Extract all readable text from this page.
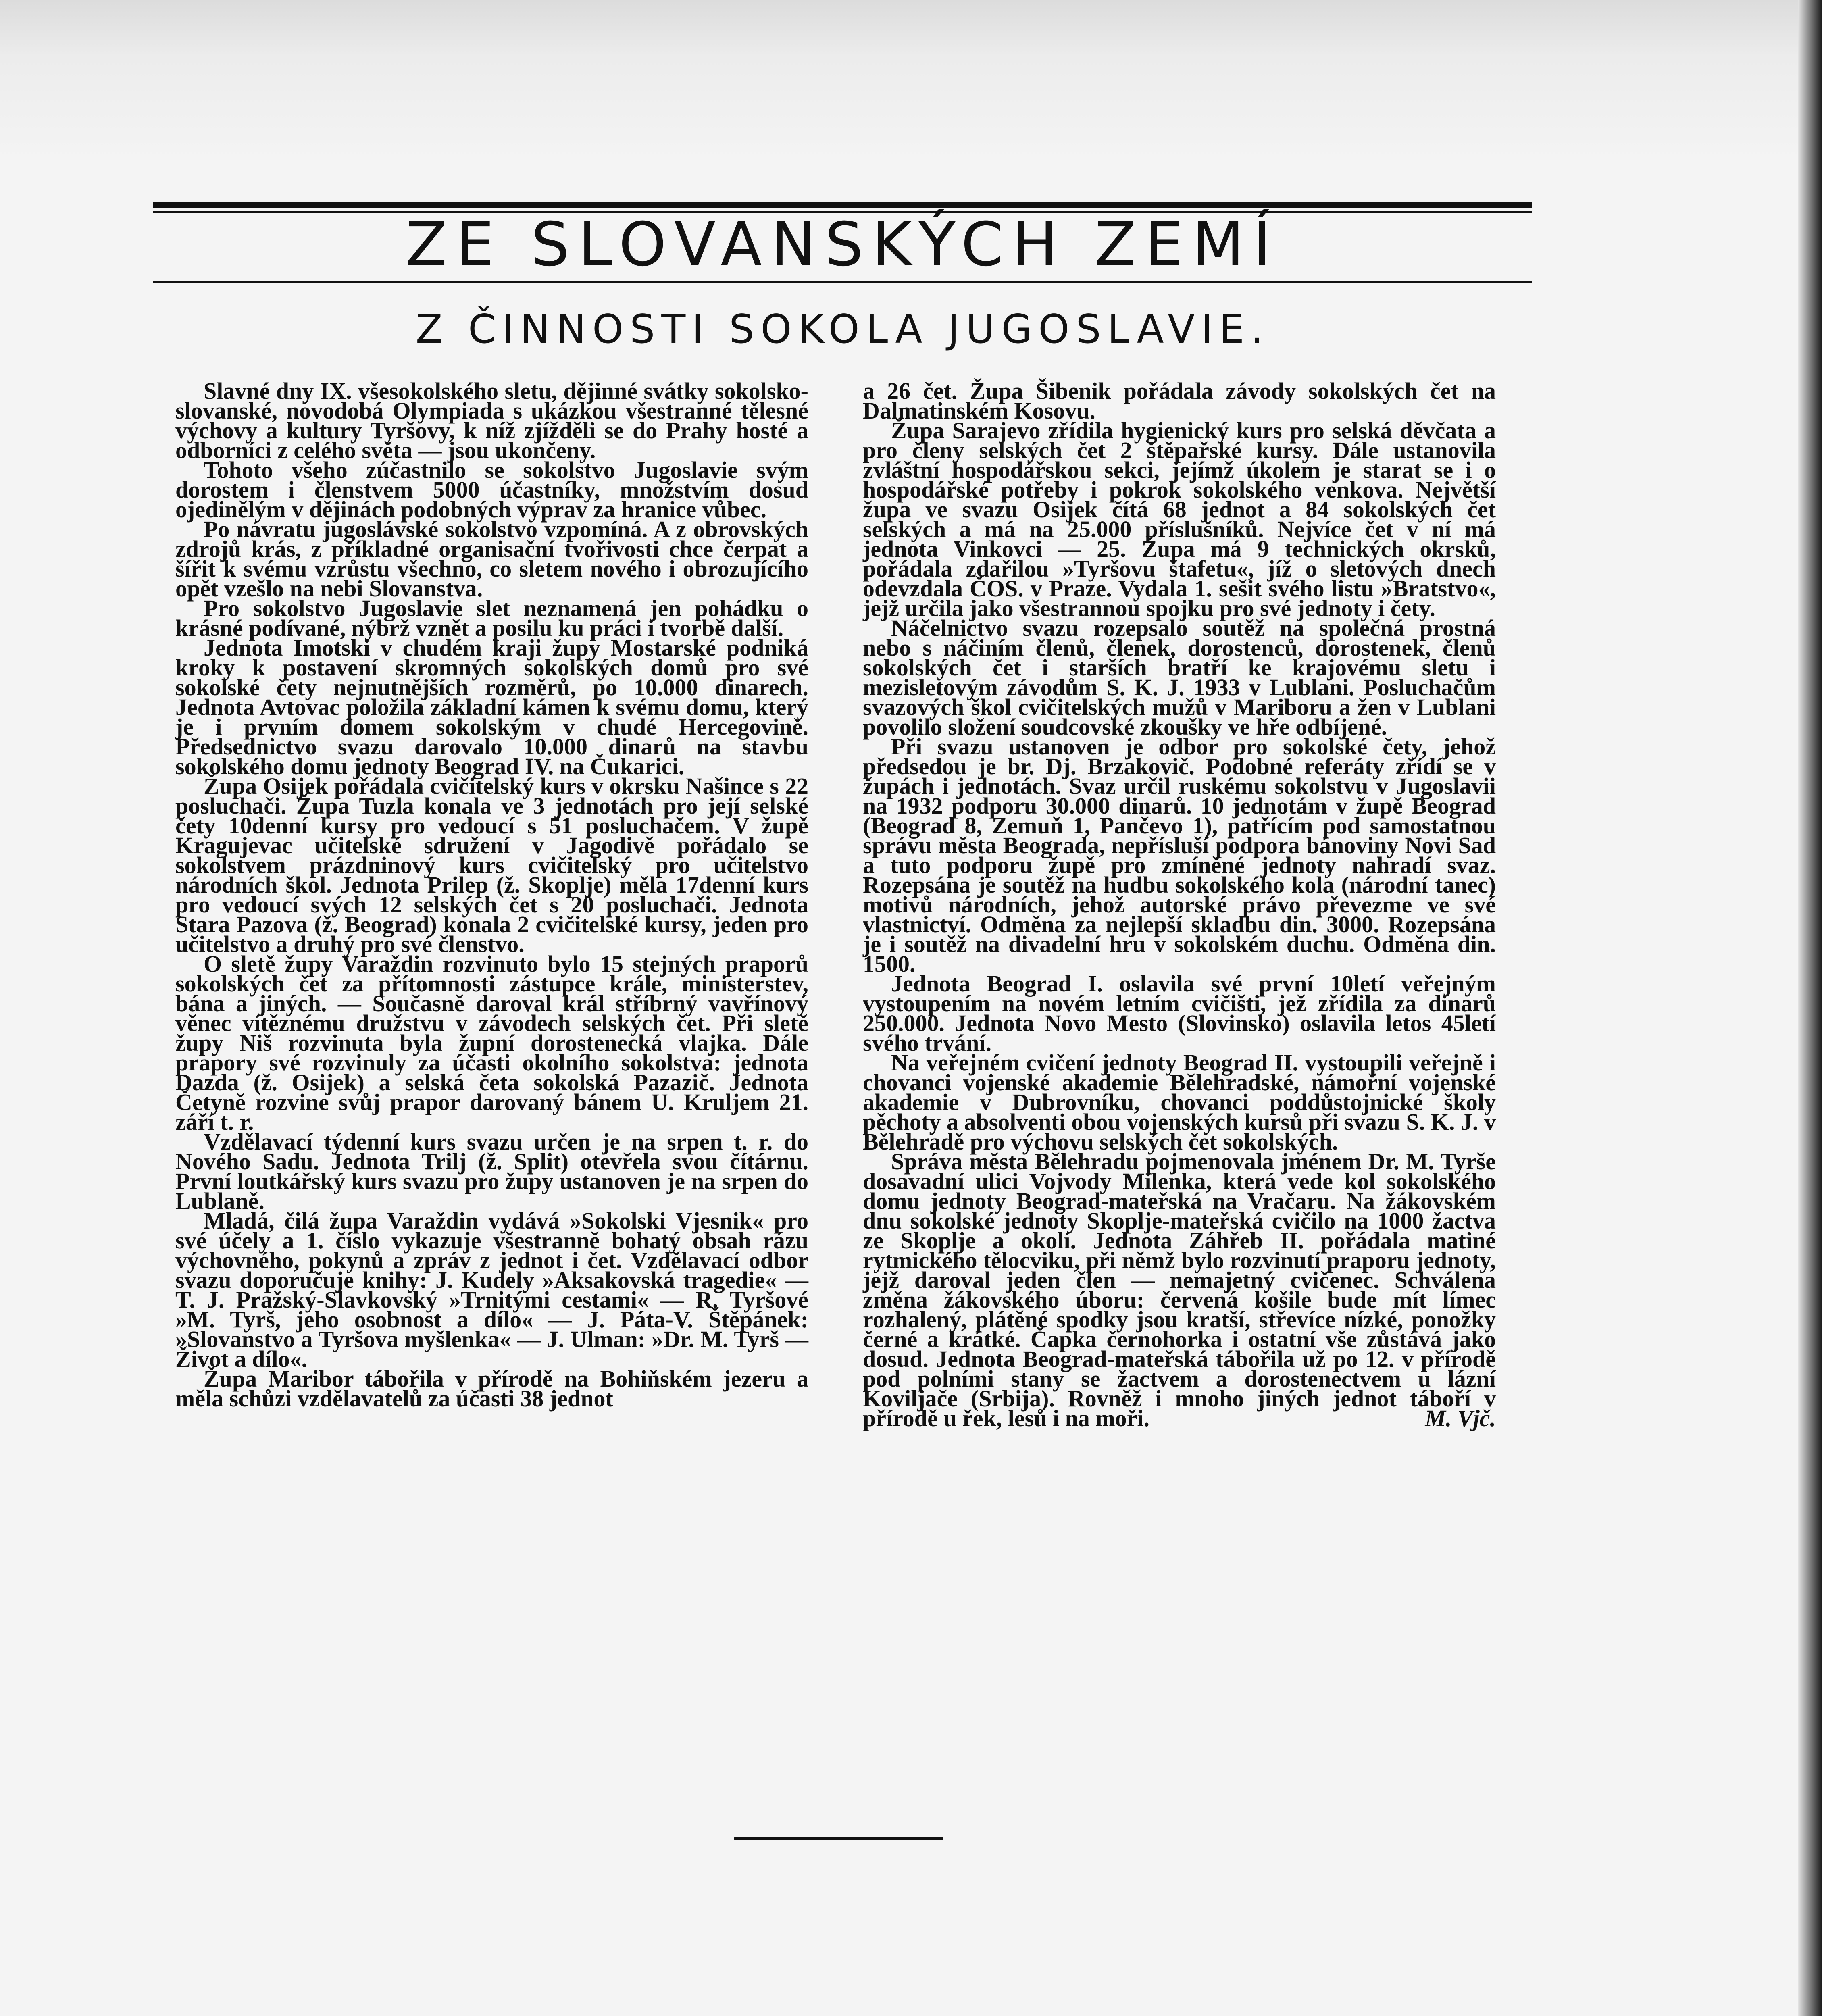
ZE SLOVANSKÝCH ZEMÍ
Z ČINNOSTI SOKOLA JUGOSLAVIE.

Slavné dny IX. všesokolského sletu, dějinné svátky sokolsko-slovanské, novodobá Olympiada s ukázkou všestranné tělesné výchovy a kultury Tyršovy, k níž zjížděli se do Prahy hosté a odborníci z celého světa — jsou ukončeny.

Tohoto všeho zúčastnilo se sokolstvo Jugoslavie svým dorostem i členstvem 5000 účastníky, množstvím dosud ojedinělým v dějinách podobných výprav za hranice vůbec.

Po návratu jugoslávské sokolstvo vzpomíná. A z obrovských zdrojů krás, z příkladné organisační tvořivosti chce čerpat a šířit k svému vzrůstu všechno, co sletem nového i obrozujícího opět vzešlo na nebi Slovanstva.

Pro sokolstvo Jugoslavie slet neznamená jen pohádku o krásné podívané, nýbrž vznět a posilu ku práci i tvorbě další.

Jednota Imotski v chudém kraji župy Mostarské podniká kroky k postavení skromných sokolských domů pro své sokolské čety nejnutnějších rozměrů, po 10.000 dinarech. Jednota Avtovac položila základní kámen k svému domu, který je i prvním domem sokolským v chudé Hercegovině. Předsednictvo svazu darovalo 10.000 dinarů na stavbu sokolského domu jednoty Beograd IV. na Čukarici.

Župa Osijek pořádala cvičitelský kurs v okrsku Našince s 22 posluchači. Župa Tuzla konala ve 3 jednotách pro její selské čety 10denní kursy pro vedoucí s 51 posluchačem. V župě Kragujevac učitelské sdružení v Jagodivě pořádalo se sokolstvem prázdninový kurs cvičitelský pro učitelstvo národních škol. Jednota Prilep (ž. Skoplje) měla 17denní kurs pro vedoucí svých 12 selských čet s 20 posluchači. Jednota Stara Pazova (ž. Beograd) konala 2 cvičitelské kursy, jeden pro učitelstvo a druhý pro své členstvo.

O sletě župy Varaždin rozvinuto bylo 15 stejných praporů sokolských čet za přítomnosti zástupce krále, ministerstev, bána a jiných. — Současně daroval král stříbrný vavřínový věnec vítěznému družstvu v závodech selských čet. Při sletě župy Niš rozvinuta byla župní dorostenecká vlajka. Dále prapory své rozvinuly za účasti okolního sokolstva: jednota Dazda (ž. Osijek) a selská četa sokolská Pazazič. Jednota Četyně rozvine svůj prapor darovaný bánem U. Kruljem 21. září t. r.

Vzdělavací týdenní kurs svazu určen je na srpen t. r. do Nového Sadu. Jednota Trilj (ž. Split) otevřela svou čítárnu. První loutkářský kurs svazu pro župy ustanoven je na srpen do Lublaně.

Mladá, čilá župa Varaždin vydává »Sokolski Vjesnik« pro své účely a 1. číslo vykazuje všestranně bohatý obsah rázu výchovného, pokynů a zpráv z jednot i čet. Vzdělavací odbor svazu doporučuje knihy: J. Kudely »Aksakovská tragedie« — T. J. Pražský-Slavkovský »Trnitými cestami« — R. Tyršové »M. Tyrš, jeho osobnost a dílo« — J. Páta-V. Štěpánek: »Slovanstvo a Tyršova myšlenka« — J. Ulman: »Dr. M. Tyrš — Život a dílo«.

Župa Maribor tábořila v přírodě na Bohiňském jezeru a měla schůzi vzdělavatelů za účasti 38 jednot

a 26 čet. Župa Šibenik pořádala závody sokolských čet na Dalmatinském Kosovu.

Župa Sarajevo zřídila hygienický kurs pro selská děvčata a pro členy selských čet 2 štěpařské kursy. Dále ustanovila zvláštní hospodářskou sekci, jejímž úkolem je starat se i o hospodářské potřeby i pokrok sokolského venkova. Největší župa ve svazu Osijek čítá 68 jednot a 84 sokolských čet selských a má na 25.000 příslušníků. Nejvíce čet v ní má jednota Vinkovci — 25. Župa má 9 technických okrsků, pořádala zdařilou »Tyršovu štafetu«, jíž o sletových dnech odevzdala ČOS. v Praze. Vydala 1. sešit svého listu »Bratstvo«, jejž určila jako všestrannou spojku pro své jednoty i čety.

Náčelnictvo svazu rozepsalo soutěž na společná prostná nebo s náčiním členů, členek, dorostenců, dorostenek, členů sokolských čet i starších bratří ke krajovému sletu i mezisletovým závodům S. K. J. 1933 v Lublani. Posluchačům svazových škol cvičitelských mužů v Mariboru a žen v Lublani povolilo složení soudcovské zkoušky ve hře odbíjené.

Při svazu ustanoven je odbor pro sokolské čety, jehož předsedou je br. Dj. Brzakovič. Podobné referáty zřídí se v župách i jednotách. Svaz určil ruskému sokolstvu v Jugoslavii na 1932 podporu 30.000 dinarů. 10 jednotám v župě Beograd (Beograd 8, Zemuň 1, Pančevo 1), patřícím pod samostatnou správu města Beograda, nepřísluší podpora bánoviny Novi Sad a tuto podporu župě pro zmíněné jednoty nahradí svaz. Rozepsána je soutěž na hudbu sokolského kola (národní tanec) motivů národních, jehož autorské právo převezme ve své vlastnictví. Odměna za nejlepší skladbu din. 3000. Rozepsána je i soutěž na divadelní hru v sokolském duchu. Odměna din. 1500.

Jednota Beograd I. oslavila své první 10letí veřejným vystoupením na novém letním cvičišti, jež zřídila za dinarů 250.000. Jednota Novo Mesto (Slovinsko) oslavila letos 45letí svého trvání.

Na veřejném cvičení jednoty Beograd II. vystoupili veřejně i chovanci vojenské akademie Bělehradské, námořní vojenské akademie v Dubrovníku, chovanci poddůstojnické školy pěchoty a absolventi obou vojenských kursů při svazu S. K. J. v Bělehradě pro výchovu selských čet sokolských.

Správa města Bělehradu pojmenovala jménem Dr. M. Tyrše dosavadní ulici Vojvody Milenka, která vede kol sokolského domu jednoty Beograd-mateřská na Vračaru. Na žákovském dnu sokolské jednoty Skoplje-mateřská cvičilo na 1000 žactva ze Skoplje a okolí. Jednota Záhřeb II. pořádala matiné rytmického tělocviku, při němž bylo rozvinutí praporu jednoty, jejž daroval jeden člen — nemajetný cvičenec. Schválena změna žákovského úboru: červená košile bude mít límec rozhalený, plátěné spodky jsou kratší, střevíce nízké, ponožky černé a krátké. Čapka černohorka i ostatní vše zůstává jako dosud. Jednota Beograd-mateřská tábořila už po 12. v přírodě pod polními stany se žactvem a dorostenectvem u lázní Koviljače (Srbija). Rovněž i mnoho jiných jednot táboří v přírodě u řek, lesů i na moři.	M. Vjč.
